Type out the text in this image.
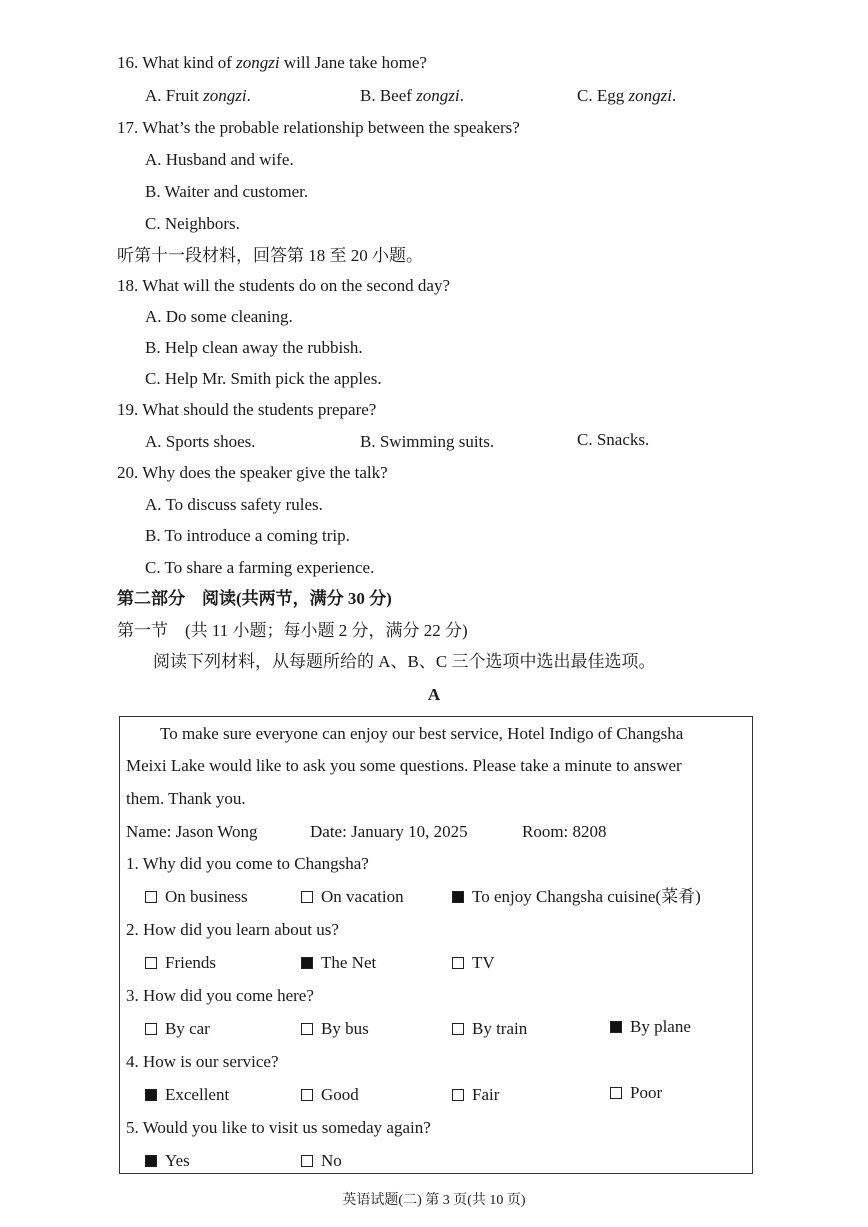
16. What kind of zongzi will Jane take home?
A. Fruit zongzi.	B. Beef zongzi.	C. Egg zongzi.
17. What’s the probable relationship between the speakers?
A. Husband and wife.
B. Waiter and customer.
C. Neighbors.
听第十一段材料，回答第 18 至 20 小题。
18. What will the students do on the second day?
A. Do some cleaning.
B. Help clean away the rubbish.
C. Help Mr. Smith pick the apples.
19. What should the students prepare?
A. Sports shoes.	B. Swimming suits.	C. Snacks.
20. Why does the speaker give the talk?
A. To discuss safety rules.
B. To introduce a coming trip.
C. To share a farming experience.
第二部分　阅读(共两节，满分 30 分)
第一节　(共 11 小题；每小题 2 分，满分 22 分)
阅读下列材料，从每题所给的 A、B、C 三个选项中选出最佳选项。
A
To make sure everyone can enjoy our best service, Hotel Indigo of Changsha
Meixi Lake would like to ask you some questions. Please take a minute to answer
them. Thank you.
Name: Jason Wong	Date: January 10, 2025	Room: 8208
1. Why did you come to Changsha?
On business	On vacation	To enjoy Changsha cuisine(菜肴)
2. How did you learn about us?
Friends	The Net	TV
3. How did you come here?
By car	By bus	By train	By plane
4. How is our service?
Excellent	Good	Fair	Poor
5. Would you like to visit us someday again?
Yes	No
英语试题(二) 第 3 页(共 10 页)
